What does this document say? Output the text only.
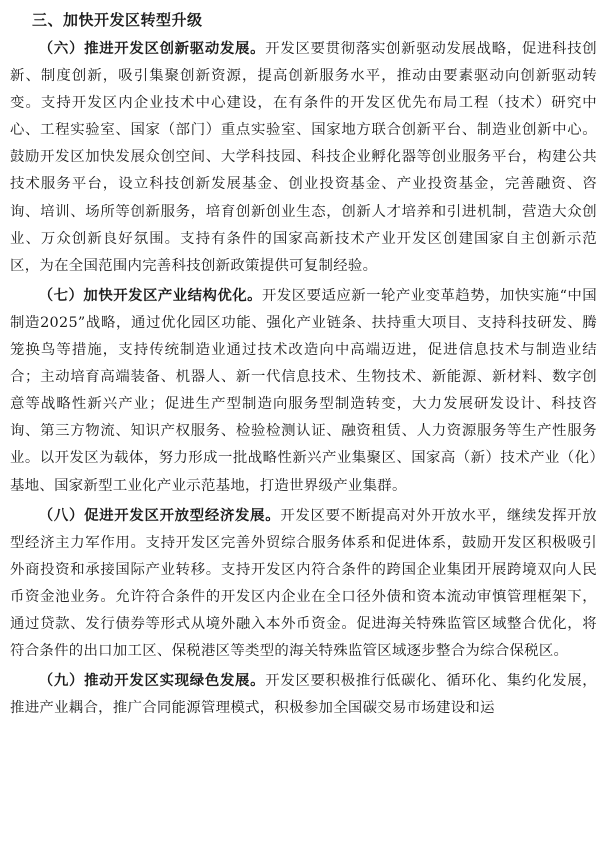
三、加快开发区转型升级

（六）推进开发区创新驱动发展。开发区要贯彻落实创新驱动发展战略，促进科技创新、制度创新，吸引集聚创新资源，提高创新服务水平，推动由要素驱动向创新驱动转变。支持开发区内企业技术中心建设，在有条件的开发区优先布局工程（技术）研究中心、工程实验室、国家（部门）重点实验室、国家地方联合创新平台、制造业创新中心。鼓励开发区加快发展众创空间、大学科技园、科技企业孵化器等创业服务平台，构建公共技术服务平台，设立科技创新发展基金、创业投资基金、产业投资基金，完善融资、咨询、培训、场所等创新服务，培育创新创业生态，创新人才培养和引进机制，营造大众创业、万众创新良好氛围。支持有条件的国家高新技术产业开发区创建国家自主创新示范区，为在全国范围内完善科技创新政策提供可复制经验。

（七）加快开发区产业结构优化。开发区要适应新一轮产业变革趋势，加快实施“中国制造2025”战略，通过优化园区功能、强化产业链条、扶持重大项目、支持科技研发、腾笼换鸟等措施，支持传统制造业通过技术改造向中高端迈进，促进信息技术与制造业结合；主动培育高端装备、机器人、新一代信息技术、生物技术、新能源、新材料、数字创意等战略性新兴产业；促进生产型制造向服务型制造转变，大力发展研发设计、科技咨询、第三方物流、知识产权服务、检验检测认证、融资租赁、人力资源服务等生产性服务业。以开发区为载体，努力形成一批战略性新兴产业集聚区、国家高（新）技术产业（化）基地、国家新型工业化产业示范基地，打造世界级产业集群。

（八）促进开发区开放型经济发展。开发区要不断提高对外开放水平，继续发挥开放型经济主力军作用。支持开发区完善外贸综合服务体系和促进体系，鼓励开发区积极吸引外商投资和承接国际产业转移。支持开发区内符合条件的跨国企业集团开展跨境双向人民币资金池业务。允许符合条件的开发区内企业在全口径外债和资本流动审慎管理框架下，通过贷款、发行债券等形式从境外融入本外币资金。促进海关特殊监管区域整合优化，将符合条件的出口加工区、保税港区等类型的海关特殊监管区域逐步整合为综合保税区。

（九）推动开发区实现绿色发展。开发区要积极推行低碳化、循环化、集约化发展，推进产业耦合，推广合同能源管理模式，积极参加全国碳交易市场建设和运
